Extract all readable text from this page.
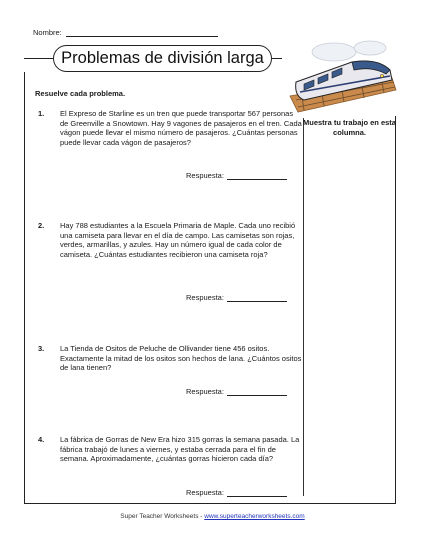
Nombre:
Problemas de división larga
Resuelve cada problema.
Muestra tu trabajo en esta columna.
1. El Expreso de Starline es un tren que puede transportar 567 personas de Greenville a Snowtown. Hay 9 vagones de pasajeros en el tren. Cada vágon puede llevar el mismo número de pasajeros. ¿Cuántas personas puede llevar cada vágon de pasajeros?
Respuesta:
2. Hay 788 estudiantes a la Escuela Primaria de Maple. Cada uno recibió una camiseta para llevar en el día de campo. Las camisetas son rojas, verdes, armarillas, y azules. Hay un número igual de cada color de camiseta. ¿Cuántas estudiantes recibieron una camiseta roja?
Respuesta:
3. La Tienda de Ositos de Peluche de Ollivander tiene 456 ositos. Exactamente la mitad de los ositos son hechos de lana. ¿Cuántos ositos de lana tienen?
Respuesta:
4. La fábrica de Gorras de New Era hizo 315 gorras la semana pasada. La fábrica trabajó de lunes a viernes, y estaba cerrada para el fin de semana. Aproximadamente, ¿cuántas gorras hicieron cada día?
Respuesta:
Super Teacher Worksheets - www.superteacherworksheets.com
